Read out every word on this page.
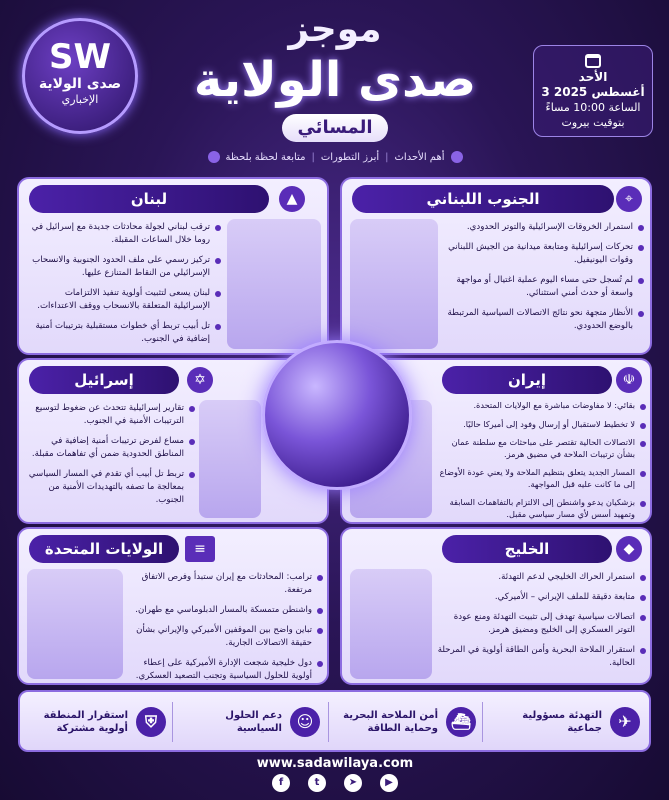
SW
صدى الولاية
الإخباري
موجز
صدى الولاية
المسائي
أهم الأحداث
|
أبرز التطورات
|
متابعة لحظة بلحظة
الأحد
3 أغسطس 2025
الساعة 10:00 مساءً
بتوقيت بيروت
الجنوب اللبناني	⌖
استمرار الخروقات الإسرائيلية والتوتر الحدودي.
تحركات إسرائيلية ومتابعة ميدانية من الجيش اللبناني وقوات اليونيفيل.
لم تُسجل حتى مساء اليوم عملية اغتيال أو مواجهة واسعة أو حدث أمني استثنائي.
الأنظار متجهة نحو نتائج الاتصالات السياسية المرتبطة بالوضع الحدودي.
لبنان	▲
ترقب لبناني لجولة محادثات جديدة مع إسرائيل في روما خلال الساعات المقبلة.
تركيز رسمي على ملف الحدود الجنوبية والانسحاب الإسرائيلي من النقاط المتنازع عليها.
لبنان يسعى لتثبيت أولوية تنفيذ الالتزامات الإسرائيلية المتعلقة بالانسحاب ووقف الاعتداءات.
تل أبيب تربط أي خطوات مستقبلية بترتيبات أمنية إضافية في الجنوب.
إيران	☫
بقائي: لا مفاوضات مباشرة مع الولايات المتحدة.
لا تخطيط لاستقبال أو إرسال وفود إلى أميركا حاليًا.
الاتصالات الحالية تقتصر على مباحثات مع سلطنة عمان بشأن ترتيبات الملاحة في مضيق هرمز.
المسار الجديد يتعلق بتنظيم الملاحة ولا يعني عودة الأوضاع إلى ما كانت عليه قبل المواجهة.
بزشكيان يدعو واشنطن إلى الالتزام بالتفاهمات السابقة وتمهيد أسس لأي مسار سياسي مقبل.
إسرائيل	✡
تقارير إسرائيلية تتحدث عن ضغوط لتوسيع الترتيبات الأمنية في الجنوب.
مساع لفرض ترتيبات أمنية إضافية في المناطق الحدودية ضمن أي تفاهمات مقبلة.
تربط تل أبيب أي تقدم في المسار السياسي بمعالجة ما تصفه بالتهديدات الأمنية من الجنوب.
الخليج	◆
استمرار الحراك الخليجي لدعم التهدئة.
متابعة دقيقة للملف الإيراني – الأميركي.
اتصالات سياسية تهدف إلى تثبيت التهدئة ومنع عودة التوتر العسكري إلى الخليج ومضيق هرمز.
استقرار الملاحة البحرية وأمن الطاقة أولوية في المرحلة الحالية.
الولايات المتحدة	≡
ترامب: المحادثات مع إيران ستبدأ وفرص الاتفاق مرتفعة.
واشنطن متمسكة بالمسار الدبلوماسي مع طهران.
تباين واضح بين الموقفين الأميركي والإيراني بشأن حقيقة الاتصالات الجارية.
دول خليجية شجعت الإدارة الأميركية على إعطاء أولوية للحلول السياسية وتجنب التصعيد العسكري.
✈
التهدئة مسؤولية جماعية
⛴
أمن الملاحة البحرية وحماية الطاقة
☺
دعم الحلول السياسية
⛨
استقرار المنطقة أولوية مشتركة
www.sadawilaya.com
f	t	➤	▶
